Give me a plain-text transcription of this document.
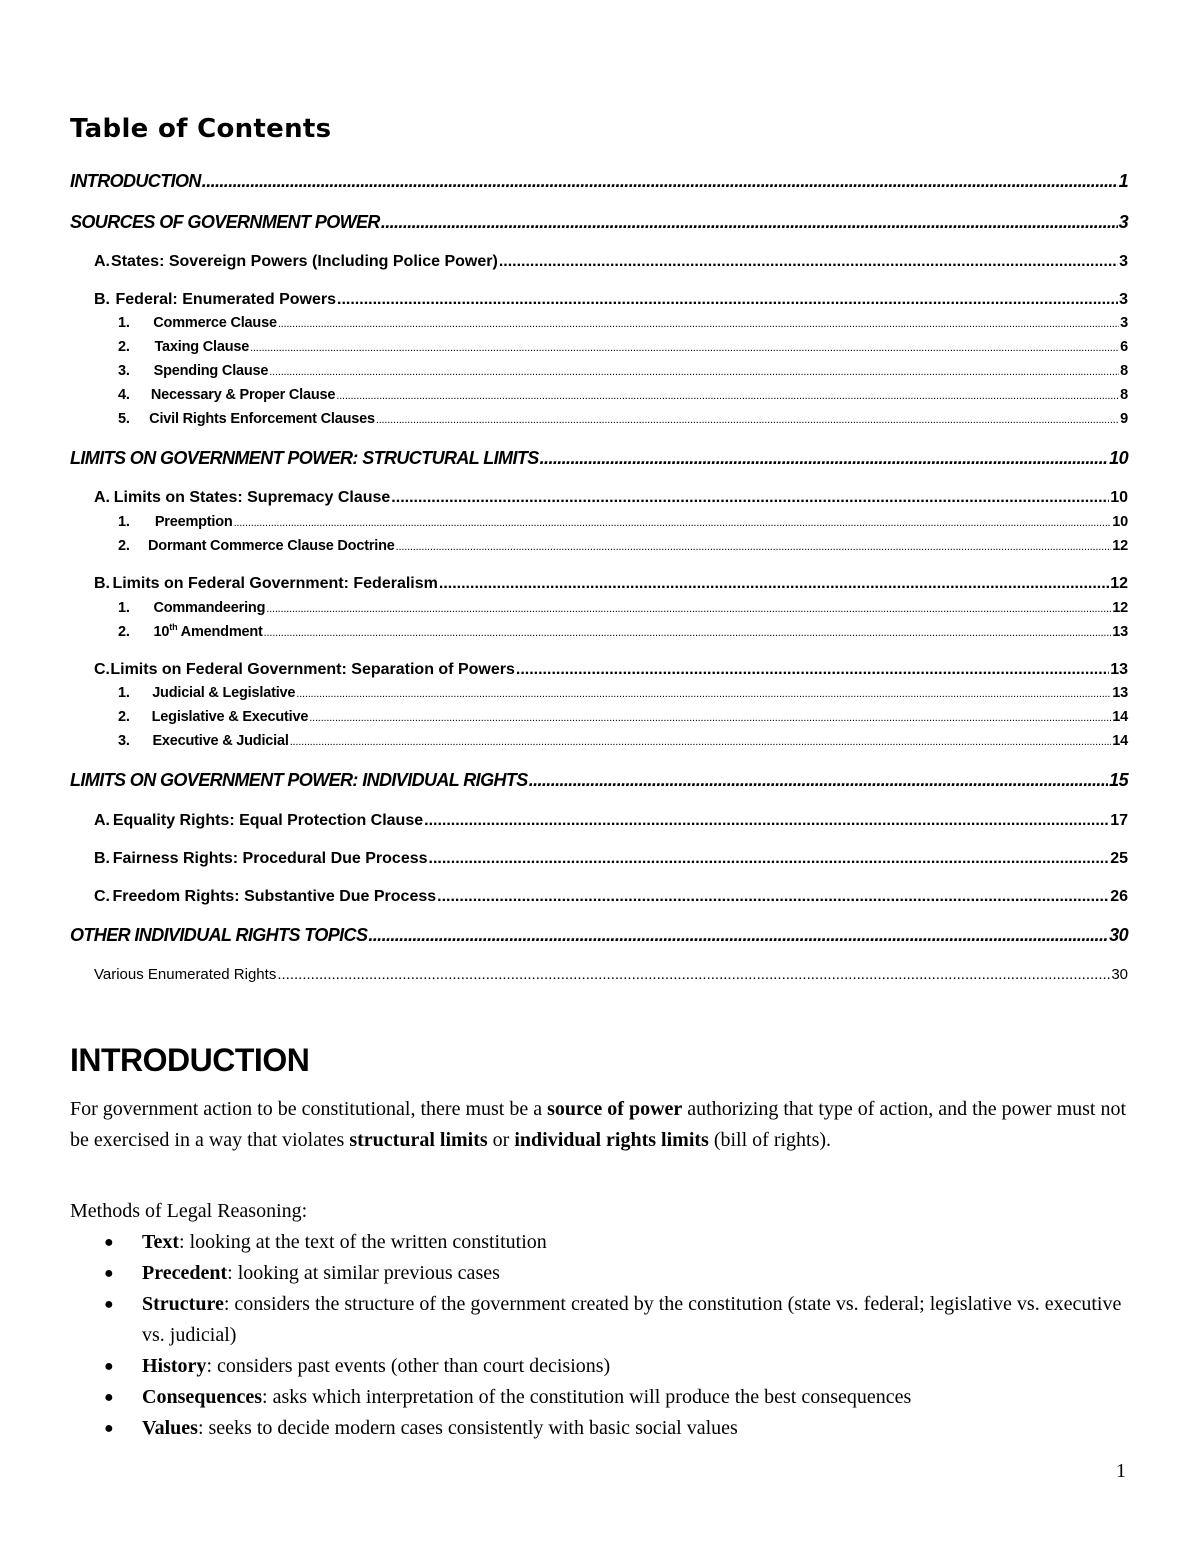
Table of Contents
INTRODUCTION .....	1
SOURCES OF GOVERNMENT POWER .....	3
A. States: Sovereign Powers (Including Police Power) .....	3
B. Federal: Enumerated Powers .....	3
1.	Commerce Clause .....	3
2.	Taxing Clause .....	6
3.	Spending Clause .....	8
4.	Necessary & Proper Clause .....	8
5.	Civil Rights Enforcement Clauses .....	9
LIMITS ON GOVERNMENT POWER: STRUCTURAL LIMITS .....	10
A. Limits on States: Supremacy Clause .....	10
1.	Preemption .....	10
2.	Dormant Commerce Clause Doctrine .....	12
B. Limits on Federal Government: Federalism .....	12
1.	Commandeering .....	12
2.	10th Amendment .....	13
C. Limits on Federal Government: Separation of Powers .....	13
1.	Judicial & Legislative .....	13
2.	Legislative & Executive .....	14
3.	Executive & Judicial .....	14
LIMITS ON GOVERNMENT POWER: INDIVIDUAL RIGHTS .....	15
A. Equality Rights: Equal Protection Clause .....	17
B. Fairness Rights: Procedural Due Process .....	25
C. Freedom Rights: Substantive Due Process .....	26
OTHER INDIVIDUAL RIGHTS TOPICS .....	30
Various Enumerated Rights .....	30
INTRODUCTION

For government action to be constitutional, there must be a source of power authorizing that type of action, and the power must not be exercised in a way that violates structural limits or individual rights limits (bill of rights).

Methods of Legal Reasoning:

● Text: looking at the text of the written constitution
● Precedent: looking at similar previous cases
● Structure: considers the structure of the government created by the constitution (state vs. federal; legislative vs. executive vs. judicial)
● History: considers past events (other than court decisions)
● Consequences: asks which interpretation of the constitution will produce the best consequences
● Values: seeks to decide modern cases consistently with basic social values

1
